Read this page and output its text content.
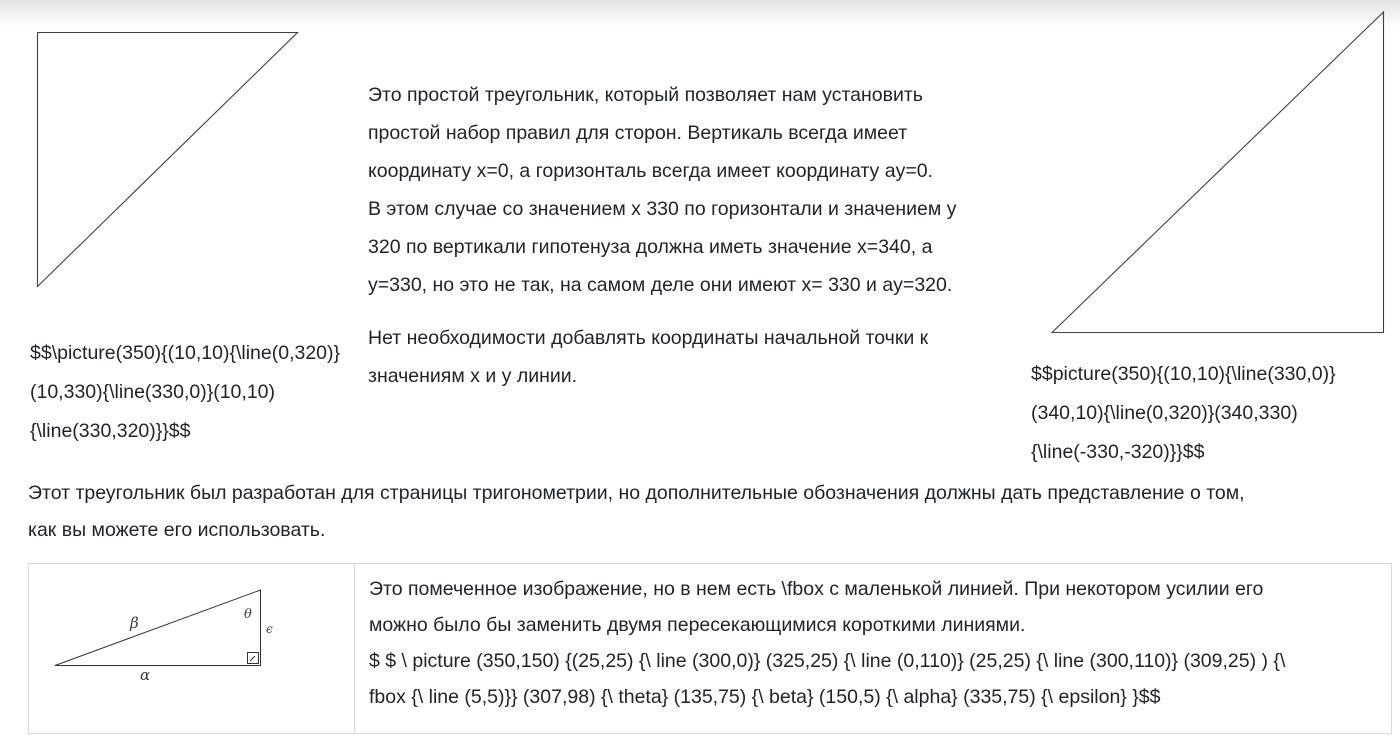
$$\picture(350){(10,10){\line(0,320)}
(10,330){\line(330,0)}(10,10)
{\line(330,320)}}$$
Это простой треугольник, который позволяет нам установить
простой набор правил для сторон. Вертикаль всегда имеет
координату x=0, а горизонталь всегда имеет координату ay=0.
В этом случае со значением x 330 по горизонтали и значением y
320 по вертикали гипотенуза должна иметь значение x=340, а
y=330, но это не так, на самом деле они имеют x= 330 и ay=320.
Нет необходимости добавлять координаты начальной точки к
значениям x и y линии.	$$picture(350){(10,10){\line(330,0)}
(340,10){\line(0,320)}(340,330)
{\line(-330,-320)}}$$
Этот треугольник был разработан для страницы тригонометрии, но дополнительные обозначения должны дать представление о том,
как вы можете его использовать.
β	θ
ϵ
α
Это помеченное изображение, но в нем есть \fbox с маленькой линией. При некотором усилии его
можно было бы заменить двумя пересекающимися короткими линиями.
$ $ \ picture (350,150) {(25,25) {\ line (300,0)} (325,25) {\ line (0,110)} (25,25) {\ line (300,110)} (309,25) ) {\
fbox {\ line (5,5)}} (307,98) {\ theta} (135,75) {\ beta} (150,5) {\ alpha} (335,75) {\ epsilon} }$$
